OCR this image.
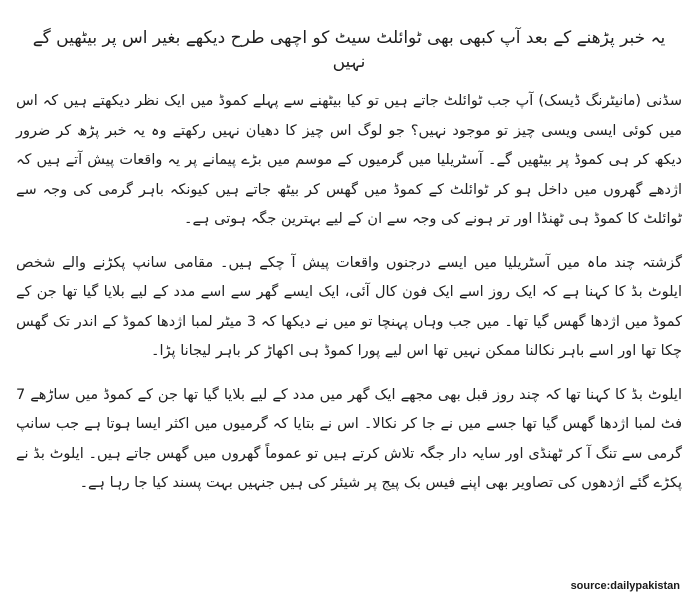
یہ خبر پڑھنے کے بعد آپ کبھی بھی ٹوائلٹ سیٹ کو اچھی طرح دیکھے بغیر اس پر بیٹھیں گے نہیں

سڈنی (مانیٹرنگ ڈیسک) آپ جب ٹوائلٹ جاتے ہیں تو کیا بیٹھنے سے پہلے کموڈ میں ایک نظر دیکھتے ہیں کہ اس میں کوئی ایسی ویسی چیز تو موجود نہیں؟ جو لوگ اس چیز کا دھیان نہیں رکھتے وہ یہ خبر پڑھ کر ضرور دیکھ کر ہی کموڈ پر بیٹھیں گے۔ آسٹریلیا میں گرمیوں کے موسم میں بڑے پیمانے پر یہ واقعات پیش آتے ہیں کہ اژدھے گھروں میں داخل ہو کر ٹوائلٹ کے کموڈ میں گھس کر بیٹھ جاتے ہیں کیونکہ باہر گرمی کی وجہ سے ٹوائلٹ کا کموڈ ہی ٹھنڈا اور تر ہونے کی وجہ سے ان کے لیے بہترین جگہ ہوتی ہے۔

گزشتہ چند ماہ میں آسٹریلیا میں ایسے درجنوں واقعات پیش آ چکے ہیں۔ مقامی سانپ پکڑنے والے شخص ایلوٹ بڈ کا کہنا ہے کہ ایک روز اسے ایک فون کال آئی، ایک ایسے گھر سے اسے مدد کے لیے بلایا گیا تھا جن کے کموڈ میں اژدھا گھس گیا تھا۔ میں جب وہاں پہنچا تو میں نے دیکھا کہ 3 میٹر لمبا اژدھا کموڈ کے اندر تک گھس چکا تھا اور اسے باہر نکالنا ممکن نہیں تھا اس لیے پورا کموڈ ہی اکھاڑ کر باہر لیجانا پڑا۔

ایلوٹ بڈ کا کہنا تھا کہ چند روز قبل بھی مجھے ایک گھر میں مدد کے لیے بلایا گیا تھا جن کے کموڈ میں ساڑھے 7 فٹ لمبا اژدھا گھس گیا تھا جسے میں نے جا کر نکالا۔ اس نے بتایا کہ گرمیوں میں اکثر ایسا ہوتا ہے جب سانپ گرمی سے تنگ آ کر ٹھنڈی اور سایہ دار جگہ تلاش کرتے ہیں تو عموماً گھروں میں گھس جاتے ہیں۔ ایلوٹ بڈ نے پکڑے گئے اژدھوں کی تصاویر بھی اپنے فیس بک پیج پر شیئر کی ہیں جنہیں بہت پسند کیا جا رہا ہے۔

source:dailypakistan
